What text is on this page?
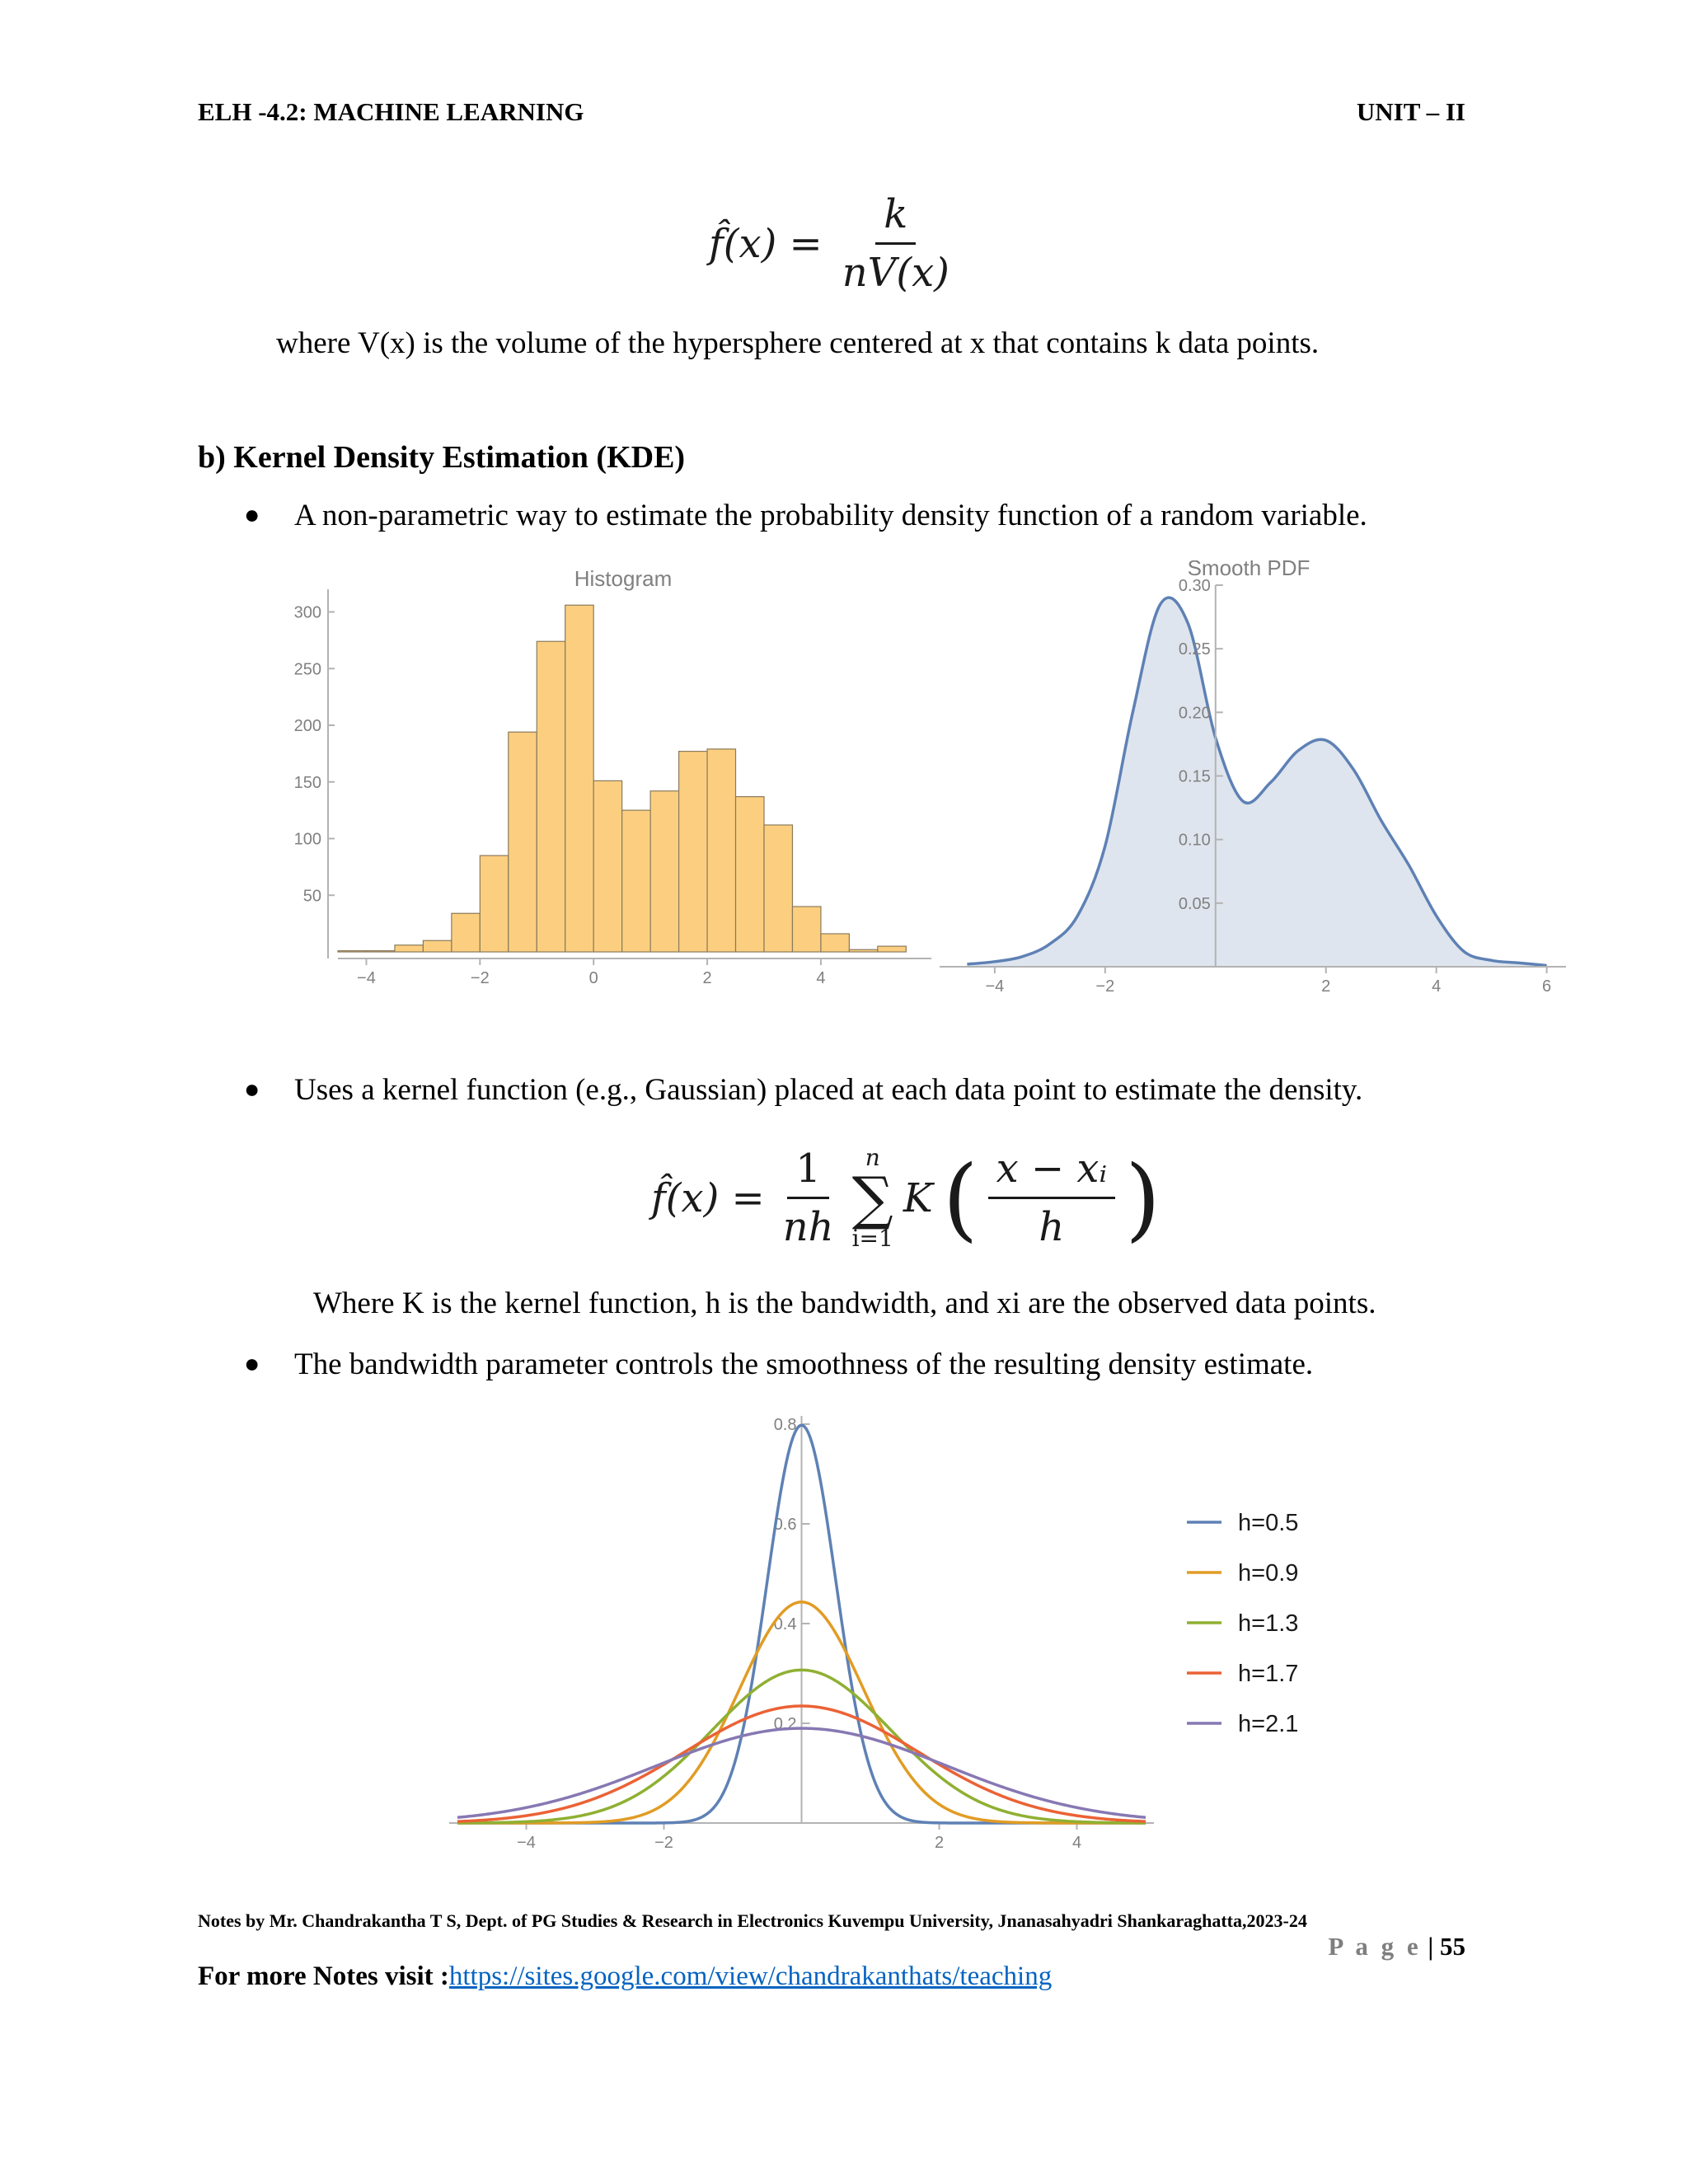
ELH -4.2: MACHINE LEARNING	UNIT – II
f̂(x) = $\frac{k}{nV(x)}$
where V(x) is the volume of the hypersphere centered at x that contains k data points.
b) Kernel Density Estimation (KDE)
● A non-parametric way to estimate the probability density function of a random variable.
Histogram
−4	−2	0	2	4
50
100
150
200
250
300
Smooth PDF
−4	−2	2	4	6
0.05
0.10
0.15
0.20
0.25
0.30
● Uses a kernel function (e.g., Gaussian) placed at each data point to estimate the density.
f̂(x) = $\frac{1}{nh}$ n
∑
i=1
K ( $\frac{\text{x − xᵢ}}{h}$ )
Where K is the kernel function, h is the bandwidth, and xi are the observed data points.
● The bandwidth parameter controls the smoothness of the resulting density estimate.
−4	−2	2	4
0.2
0.4
0.6
0.8
h=0.5
h=0.9
h=1.3
h=1.7
h=2.1
Notes by Mr. Chandrakantha T S, Dept. of PG Studies & Research in Electronics Kuvempu University, Jnanasahyadri Shankaraghatta,2023-24
P a g e | 55
For more Notes visit :https://sites.google.com/view/chandrakanthats/teaching
